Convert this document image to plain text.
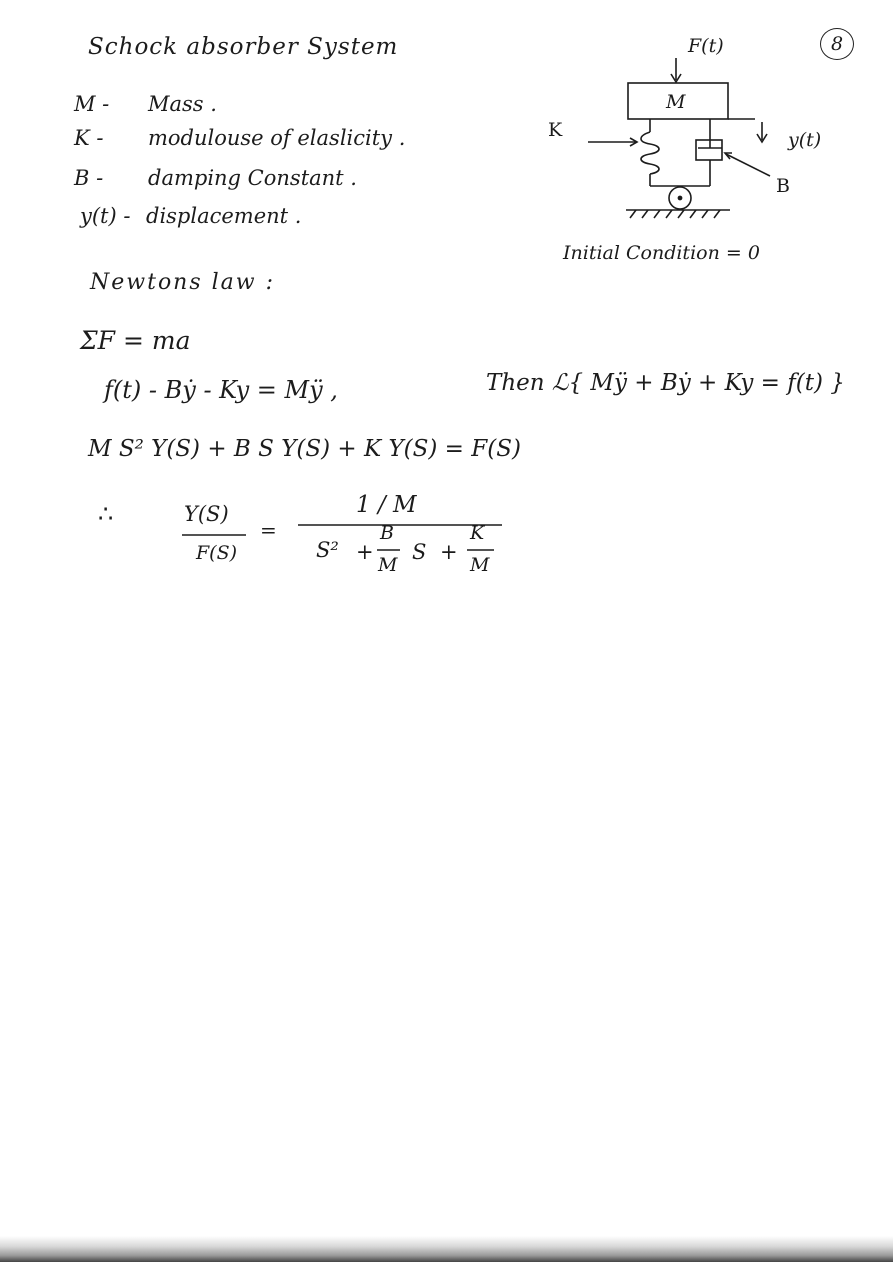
Schock absorber System	8
M - Mass .
K - modulouse of elaslicity .
B - damping Constant .
y(t) - displacement .
F(t)
M
K	y(t)
B
Initial Condition = 0
Newtons law :
ΣF = ma
f(t) - Bẏ - Ky = Mÿ ,	Then ℒ{ Mÿ + Bẏ + Ky = f(t) }
M S² Y(S) + B S Y(S) + K Y(S) = F(S)
∴	Y(S)
F(S)
=
1 / M
S² +
B
M
S +
K
M
